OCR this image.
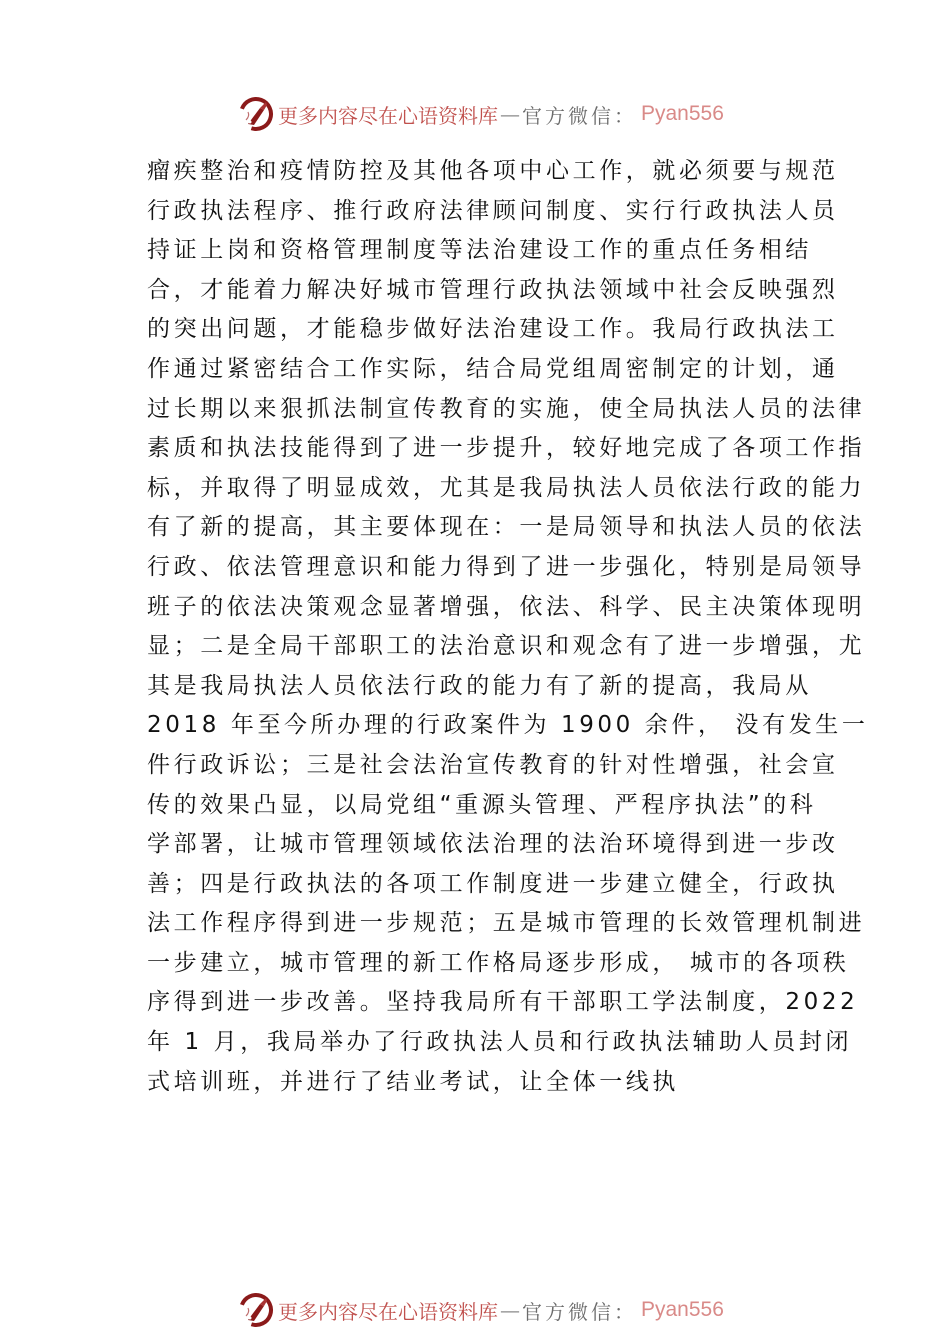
更多内容尽在心语资料库 — 官方微信： Pyan556
瘤疾整治和疫情防控及其他各项中心工作，就必须要与规范
行政执法程序、推行政府法律顾问制度、实行行政执法人员
持证上岗和资格管理制度等法治建设工作的重点任务相结
合，才能着力解决好城市管理行政执法领域中社会反映强烈
的突出问题，才能稳步做好法治建设工作。我局行政执法工
作通过紧密结合工作实际，结合局党组周密制定的计划，通
过长期以来狠抓法制宣传教育的实施，使全局执法人员的法律
素质和执法技能得到了进一步提升，较好地完成了各项工作指
标，并取得了明显成效，尤其是我局执法人员依法行政的能力
有了新的提高，其主要体现在：一是局领导和执法人员的依法
行政、依法管理意识和能力得到了进一步强化，特别是局领导
班子的依法决策观念显著增强，依法、科学、民主决策体现明
显；二是全局干部职工的法治意识和观念有了进一步增强，尤
其是我局执法人员依法行政的能力有了新的提高，我局从
2018 年至今所办理的行政案件为 1900 余件， 没有发生一
件行政诉讼；三是社会法治宣传教育的针对性增强，社会宣
传的效果凸显，以局党组“重源头管理、严程序执法”的科
学部署，让城市管理领域依法治理的法治环境得到进一步改
善；四是行政执法的各项工作制度进一步建立健全，行政执
法工作程序得到进一步规范；五是城市管理的长效管理机制进
一步建立，城市管理的新工作格局逐步形成， 城市的各项秩
序得到进一步改善。坚持我局所有干部职工学法制度，2022
年 1 月，我局举办了行政执法人员和行政执法辅助人员封闭
式培训班，并进行了结业考试，让全体一线执
更多内容尽在心语资料库 — 官方微信： Pyan556
